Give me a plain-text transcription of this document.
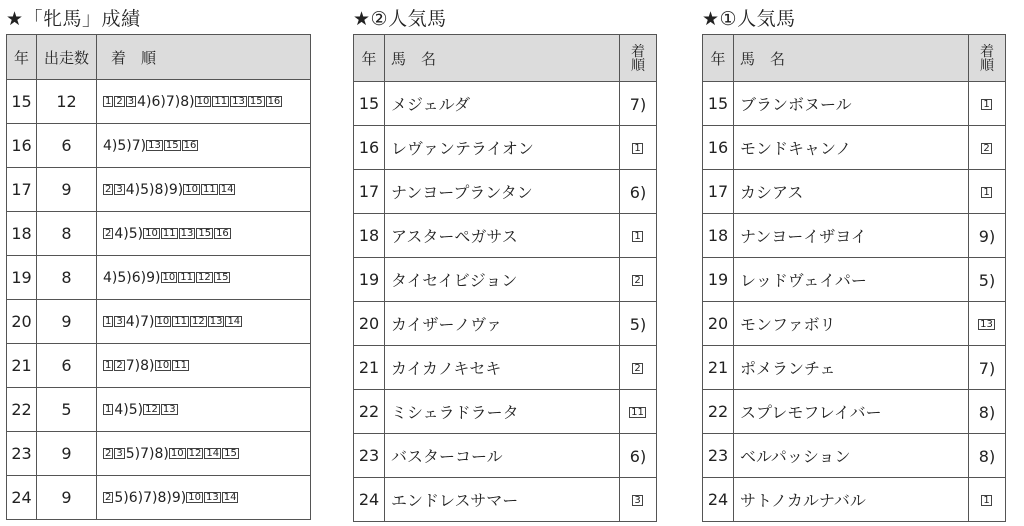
★「牝馬」成績
年	出走数	着　順
15	12	1 2 3 4)6)7)8) 10 11 13 15 16
16	6	4)5)7) 13 15 16
17	9	2 3 4)5)8)9) 10 11 14
18	8	2 4)5) 10 11 13 15 16
19	8	4)5)6)9) 10 11 12 15
20	9	1 3 4)7) 10 11 12 13 14
21	6	1 2 7)8) 10 11
22	5	1 4)5) 12 13
23	9	2 3 5)7)8) 10 12 14 15
24	9	2 5)6)7)8)9) 10 13 14
★②人気馬
年	馬　名	着
順

15	メジェルダ	7)
16	レヴァンテライオン	1
17	ナンヨープランタン	6)
18	アスターペガサス	1
19	タイセイビジョン	2
20	カイザーノヴァ	5)
21	カイカノキセキ	2
22	ミシェラドラータ	11
23	バスターコール	6)
24	エンドレスサマー	3
★①人気馬
年	馬　名	着
順

15	ブランボヌール	1
16	モンドキャンノ	2
17	カシアス	1
18	ナンヨーイザヨイ	9)
19	レッドヴェイパー	5)
20	モンファボリ	13
21	ポメランチェ	7)
22	スプレモフレイバー	8)
23	ベルパッション	8)
24	サトノカルナバル	1
